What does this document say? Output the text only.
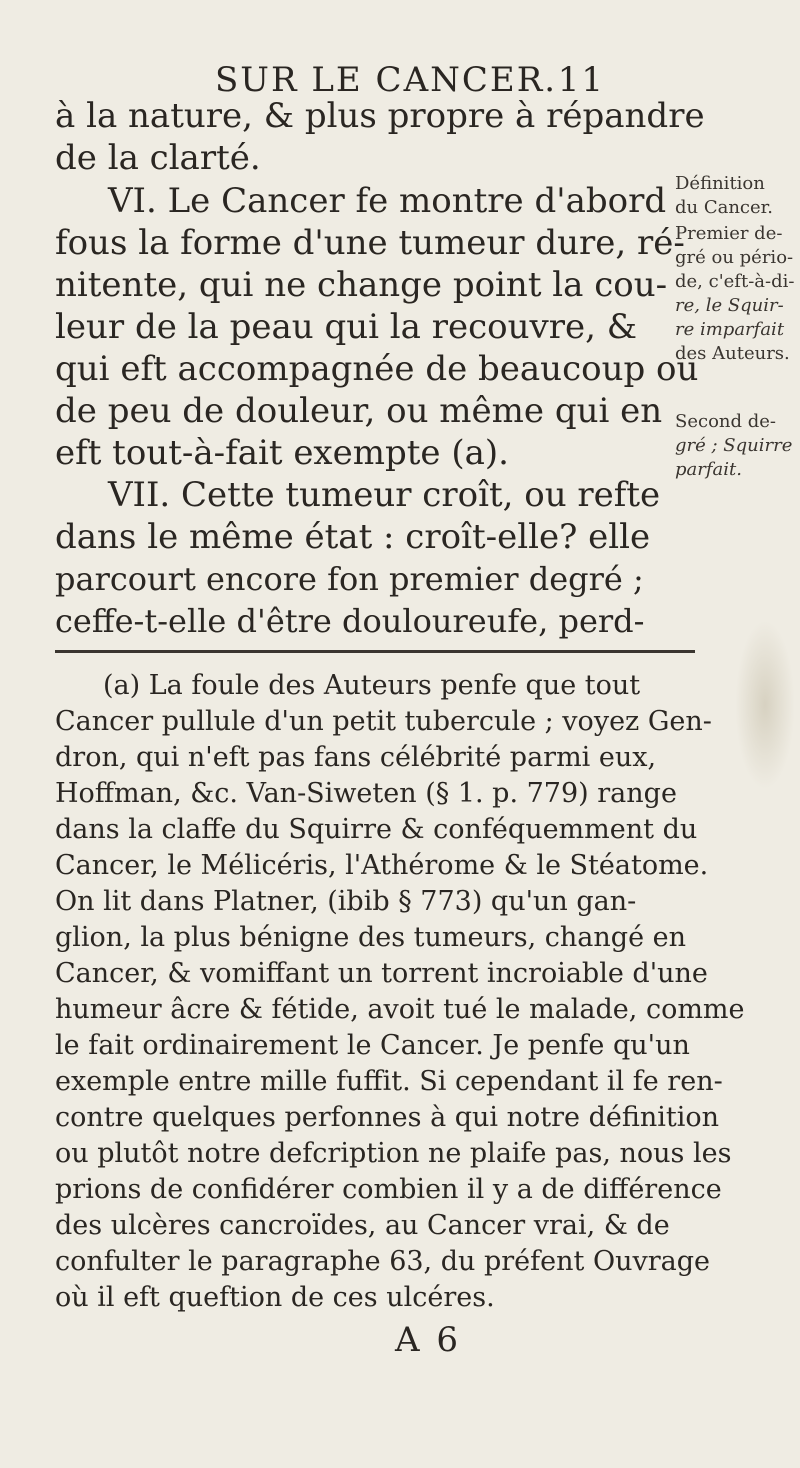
SUR LE CANCER. 11
à la nature, & plus propre à répandre
de la clarté.
VI. Le Cancer fe montre d'abord
fous la forme d'une tumeur dure, ré-
nitente, qui ne change point la cou-
leur de la peau qui la recouvre, &
qui eft accompagnée de beaucoup ou
de peu de douleur, ou même qui en
eft tout-à-fait exempte (a).
VII. Cette tumeur croît, ou refte
dans le même état : croît-elle? elle
parcourt encore fon premier degré ;
ceffe-t-elle d'être douloureufe, perd-
Définition
du Cancer.
Premier de-
gré ou pério-
de, c'eft-à-di-
re, le Squir-
re imparfait
des Auteurs.
Second de-
gré ; Squirre
parfait.
(a) La foule des Auteurs penfe que tout
Cancer pullule d'un petit tubercule ; voyez Gen-
dron, qui n'eft pas fans célébrité parmi eux,
Hoffman, &c. Van-Siweten (§ 1. p. 779) range
dans la claffe du Squirre & conféquemment du
Cancer, le Mélicéris, l'Athérome & le Stéatome.
On lit dans Platner, (ibib § 773) qu'un gan-
glion, la plus bénigne des tumeurs, changé en
Cancer, & vomiffant un torrent incroiable d'une
humeur âcre & fétide, avoit tué le malade, comme
le fait ordinairement le Cancer. Je penfe qu'un
exemple entre mille fuffit. Si cependant il fe ren-
contre quelques perfonnes à qui notre définition
ou plutôt notre defcription ne plaife pas, nous les
prions de confidérer combien il y a de différence
des ulcères cancroïdes, au Cancer vrai, & de
confulter le paragraphe 63, du préfent Ouvrage
où il eft queftion de ces ulcéres.
A 6
